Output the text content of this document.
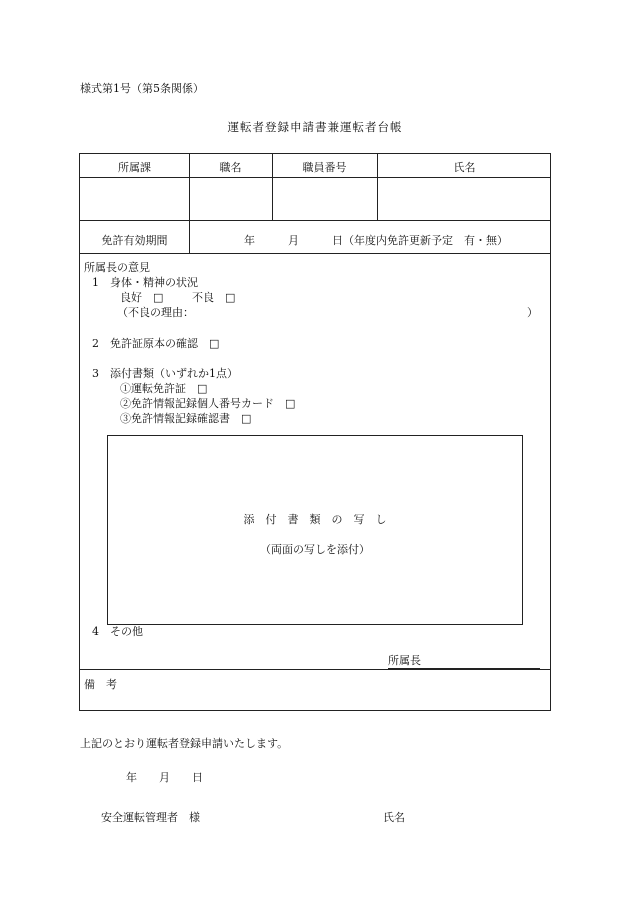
様式第1号（第5条関係）
運転者登録申請書兼運転者台帳
所属課	職名	職員番号	氏名
免許有効期間	年　　　月　　　日（年度内免許更新予定　有・無）
所属長の意見
1　身体・精神の状況
良好　□	不良　□
（不良の理由：	）
2　免許証原本の確認　□
3　添付書類（いずれか1点）
①運転免許証　□
②免許情報記録個人番号カード　□
③免許情報記録確認書　□
添　付　書　類　の　写　し
（両面の写しを添付）
4　その他
所属長
備　考
上記のとおり運転者登録申請いたします。
年　　月　　日
安全運転管理者　様	氏名
